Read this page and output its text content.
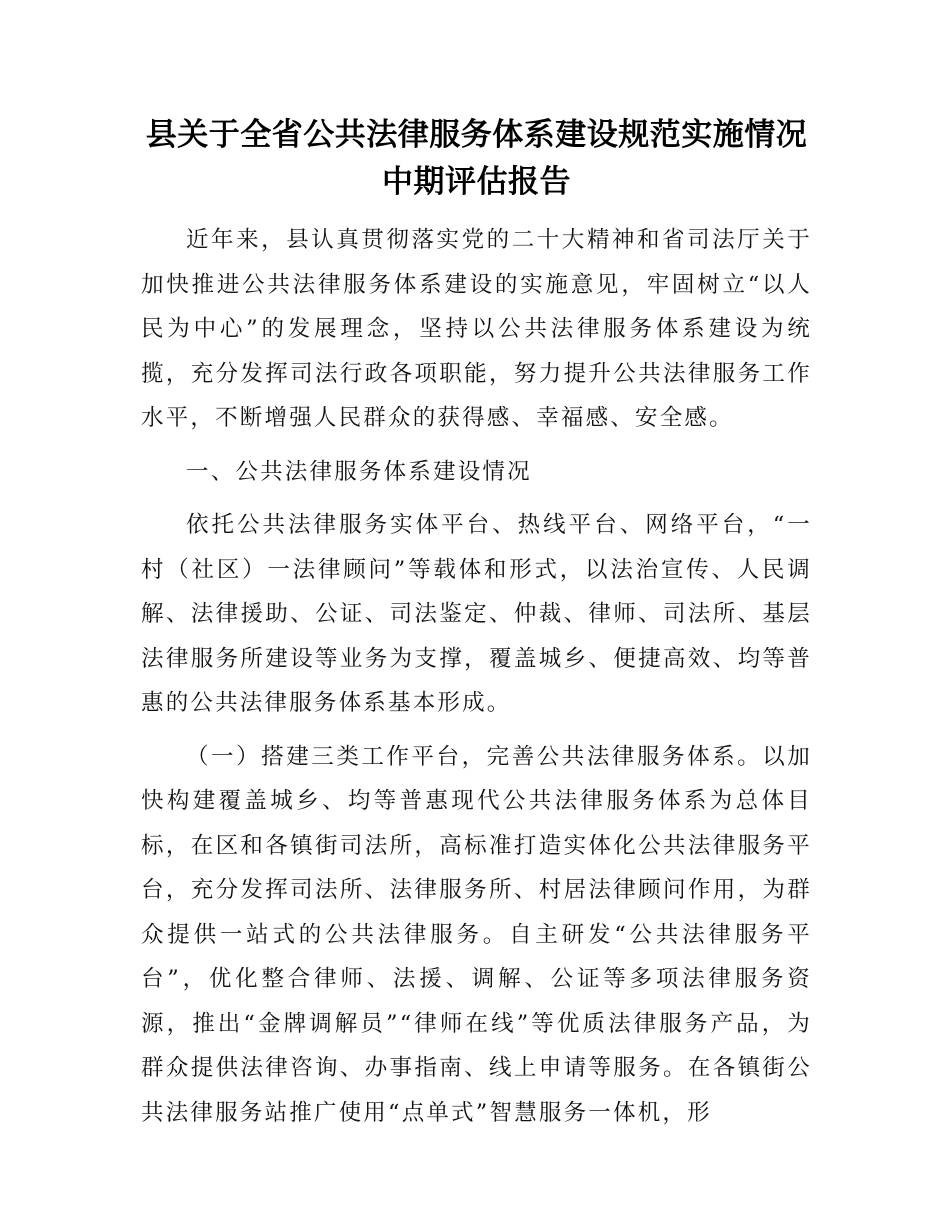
县关于全省公共法律服务体系建设规范实施情况中期评估报告

近年来，县认真贯彻落实党的二十大精神和省司法厅关于加快推进公共法律服务体系建设的实施意见，牢固树立“以人民为中心”的发展理念，坚持以公共法律服务体系建设为统揽，充分发挥司法行政各项职能，努力提升公共法律服务工作水平，不断增强人民群众的获得感、幸福感、安全感。

一、公共法律服务体系建设情况

依托公共法律服务实体平台、热线平台、网络平台，“一村（社区）一法律顾问”等载体和形式，以法治宣传、人民调解、法律援助、公证、司法鉴定、仲裁、律师、司法所、基层法律服务所建设等业务为支撑，覆盖城乡、便捷高效、均等普惠的公共法律服务体系基本形成。

（一）搭建三类工作平台，完善公共法律服务体系。以加快构建覆盖城乡、均等普惠现代公共法律服务体系为总体目标，在区和各镇街司法所，高标准打造实体化公共法律服务平台，充分发挥司法所、法律服务所、村居法律顾问作用，为群众提供一站式的公共法律服务。自主研发“公共法律服务平台”，优化整合律师、法援、调解、公证等多项法律服务资源，推出“金牌调解员”“律师在线”等优质法律服务产品，为群众提供法律咨询、办事指南、线上申请等服务。在各镇街公共法律服务站推广使用“点单式”智慧服务一体机，形
